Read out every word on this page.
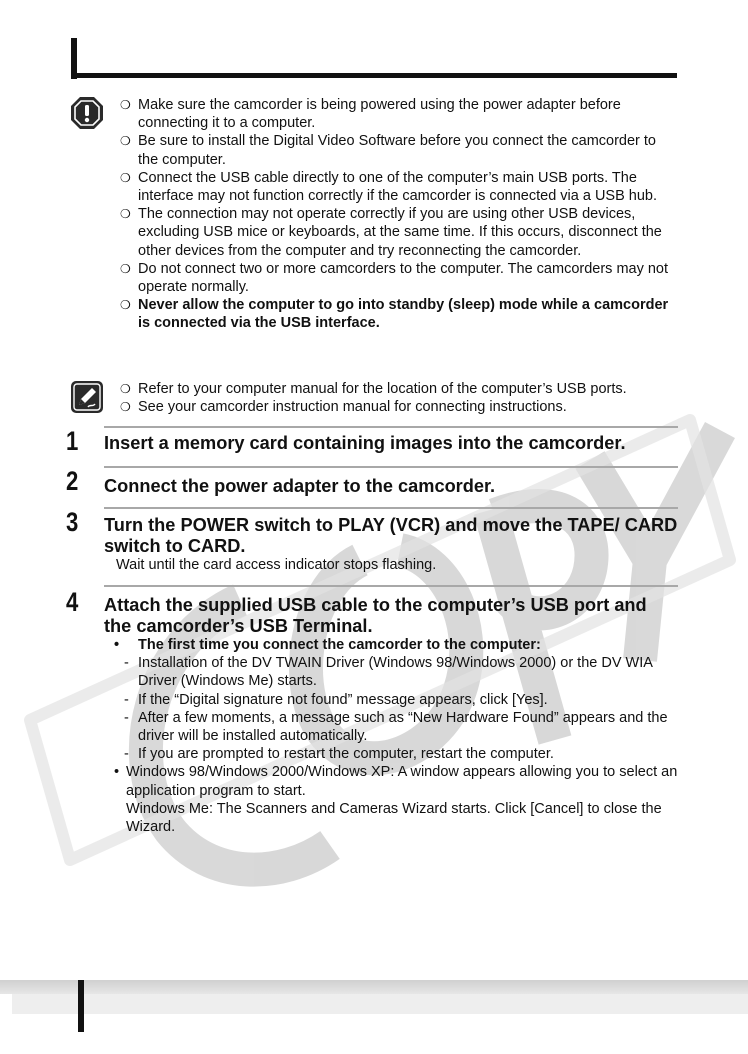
❍ Make sure the camcorder is being powered using the power adapter before connecting it to a computer.
❍ Be sure to install the Digital Video Software before you connect the camcorder to the computer.
❍ Connect the USB cable directly to one of the computer’s main USB ports. The interface may not function correctly if the camcorder is connected via a USB hub.
❍ The connection may not operate correctly if you are using other USB devices, excluding USB mice or keyboards, at the same time. If this occurs, disconnect the other devices from the computer and try reconnecting the camcorder.
❍ Do not connect two or more camcorders to the computer. The camcorders may not operate normally.
❍ Never allow the computer to go into standby (sleep) mode while a camcorder is connected via the USB interface.
❍ Refer to your computer manual for the location of the computer’s USB ports.
❍ See your camcorder instruction manual for connecting instructions.
1 Insert a memory card containing images into the camcorder.
2 Connect the power adapter to the camcorder.
3 Turn the POWER switch to PLAY (VCR) and move the TAPE/ CARD switch to CARD.
Wait until the card access indicator stops flashing.
4 Attach the supplied USB cable to the computer’s USB port and the camcorder’s USB Terminal.
• The first time you connect the camcorder to the computer:
- Installation of the DV TWAIN Driver (Windows 98/Windows 2000) or the DV WIA Driver (Windows Me) starts.
- If the “Digital signature not found” message appears, click [Yes].
- After a few moments, a message such as “New Hardware Found” appears and the driver will be installed automatically.
- If you are prompted to restart the computer, restart the computer.
• Windows 98/Windows 2000/Windows XP: A window appears allowing you to select an application program to start.
Windows Me: The Scanners and Cameras Wizard starts. Click [Cancel] to close the Wizard.
